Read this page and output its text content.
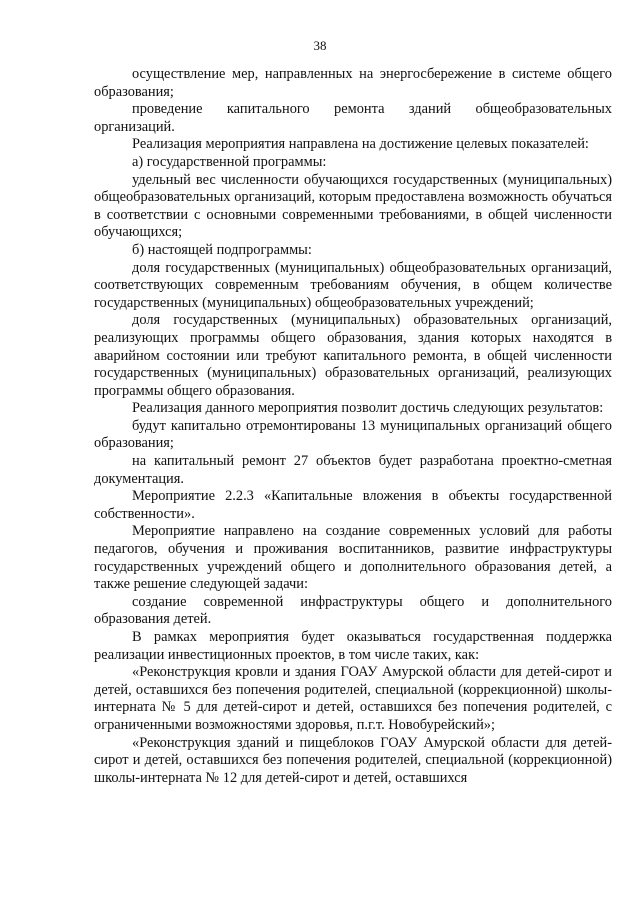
38

осуществление мер, направленных на энергосбережение в системе общего образования;

проведение капитального ремонта зданий общеобразовательных организаций.

Реализация мероприятия направлена на достижение целевых показателей:

а) государственной программы:

удельный вес численности обучающихся государственных (муниципальных) общеобразовательных организаций, которым предоставлена возможность обучаться в соответствии с основными современными требованиями, в общей численности обучающихся;

б) настоящей подпрограммы:

доля государственных (муниципальных) общеобразовательных организаций, соответствующих современным требованиям обучения, в общем количестве государственных (муниципальных) общеобразовательных учреждений;

доля государственных (муниципальных) образовательных организаций, реализующих программы общего образования, здания которых находятся в аварийном состоянии или требуют капитального ремонта, в общей численности государственных (муниципальных) образовательных организаций, реализующих программы общего образования.

Реализация данного мероприятия позволит достичь следующих результатов:

будут капитально отремонтированы 13 муниципальных организаций общего образования;

на капитальный ремонт 27 объектов будет разработана проектно-сметная документация.

Мероприятие 2.2.3 «Капитальные вложения в объекты государственной собственности».

Мероприятие направлено на создание современных условий для работы педагогов, обучения и проживания воспитанников, развитие инфраструктуры государственных учреждений общего и дополнительного образования детей, а также решение следующей задачи:

создание современной инфраструктуры общего и дополнительного образования детей.

В рамках мероприятия будет оказываться государственная поддержка реализации инвестиционных проектов, в том числе таких, как:

«Реконструкция кровли и здания ГОАУ Амурской области для детей-сирот и детей, оставшихся без попечения родителей, специальной (коррекционной) школы-интерната № 5 для детей-сирот и детей, оставшихся без попечения родителей, с ограниченными возможностями здоровья, п.г.т. Новобурейский»;

«Реконструкция зданий и пищеблоков ГОАУ Амурской области для детей-сирот и детей, оставшихся без попечения родителей, специальной (коррекционной) школы-интерната № 12 для детей-сирот и детей, оставшихся
